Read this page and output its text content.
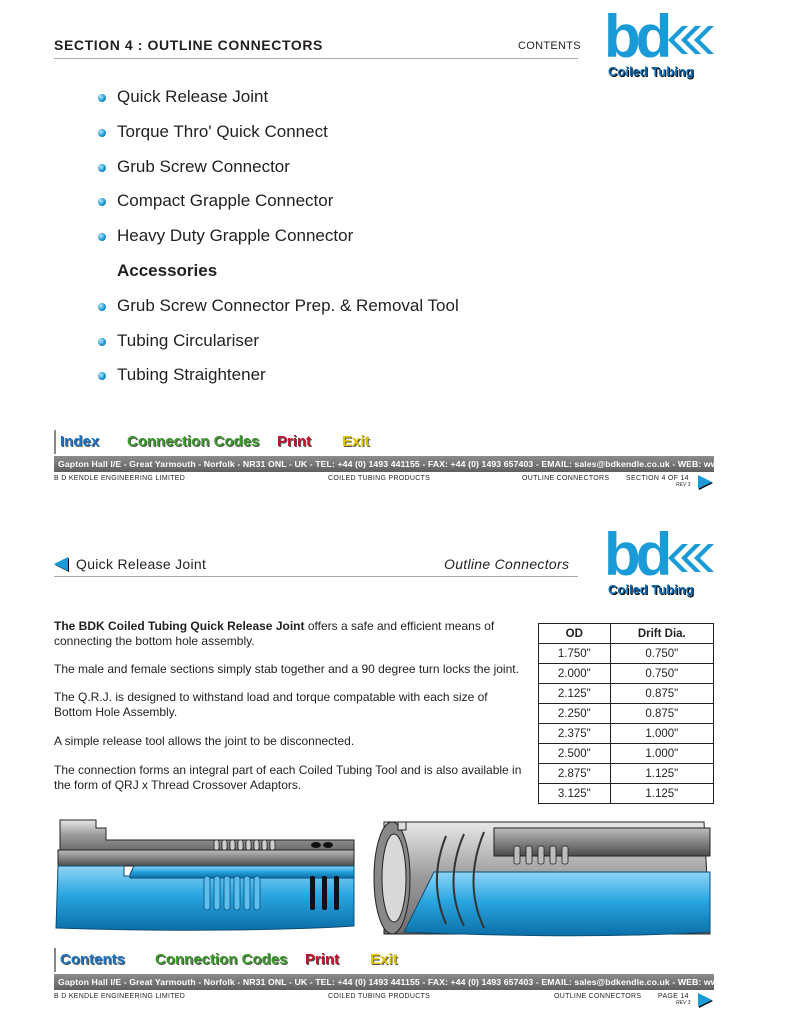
SECTION 4 : OUTLINE CONNECTORS	CONTENTS bd
Coiled Tubing
Quick Release Joint
Torque Thro' Quick Connect
Grub Screw Connector
Compact Grapple Connector
Heavy Duty Grapple Connector
Accessories
Grub Screw Connector Prep. & Removal Tool
Tubing Circulariser
Tubing Straightener
Index Connection Codes Print Exit
Gapton Hall I/E - Great Yarmouth - Norfolk - NR31 ONL - UK - TEL: +44 (0) 1493 441155 - FAX: +44 (0) 1493 657403 - EMAIL: sales@bdkendle.co.uk - WEB: www.bdkendle.co.uk
B D KENDLE ENGINEERING LIMITED	COILED TUBING PRODUCTS	OUTLINE CONNECTORS SECTION 4 OF 14
REV 3
Quick Release Joint	Outline Connectors bd
Coiled Tubing
The BDK Coiled Tubing Quick Release Joint offers a safe and efficient means of connecting the bottom hole assembly.
The male and female sections simply stab together and a 90 degree turn locks the joint.
The Q.R.J. is designed to withstand load and torque compatable with each size of Bottom Hole Assembly.
A simple release tool allows the joint to be disconnected.
The connection forms an integral part of each Coiled Tubing Tool and is also available in the form of QRJ x Thread Crossover Adaptors.
OD	Drift Dia.
1.750"	0.750"
2.000"	0.750"
2.125"	0.875"
2.250"	0.875"
2.375"	1.000"
2.500"	1.000"
2.875"	1.125"
3.125"	1.125"
Contents Connection Codes Print Exit
Gapton Hall I/E - Great Yarmouth - Norfolk - NR31 ONL - UK - TEL: +44 (0) 1493 441155 - FAX: +44 (0) 1493 657403 - EMAIL: sales@bdkendle.co.uk - WEB: www.bdkendle.co.uk
B D KENDLE ENGINEERING LIMITED	COILED TUBING PRODUCTS	OUTLINE CONNECTORS PAGE 14
REV 3
